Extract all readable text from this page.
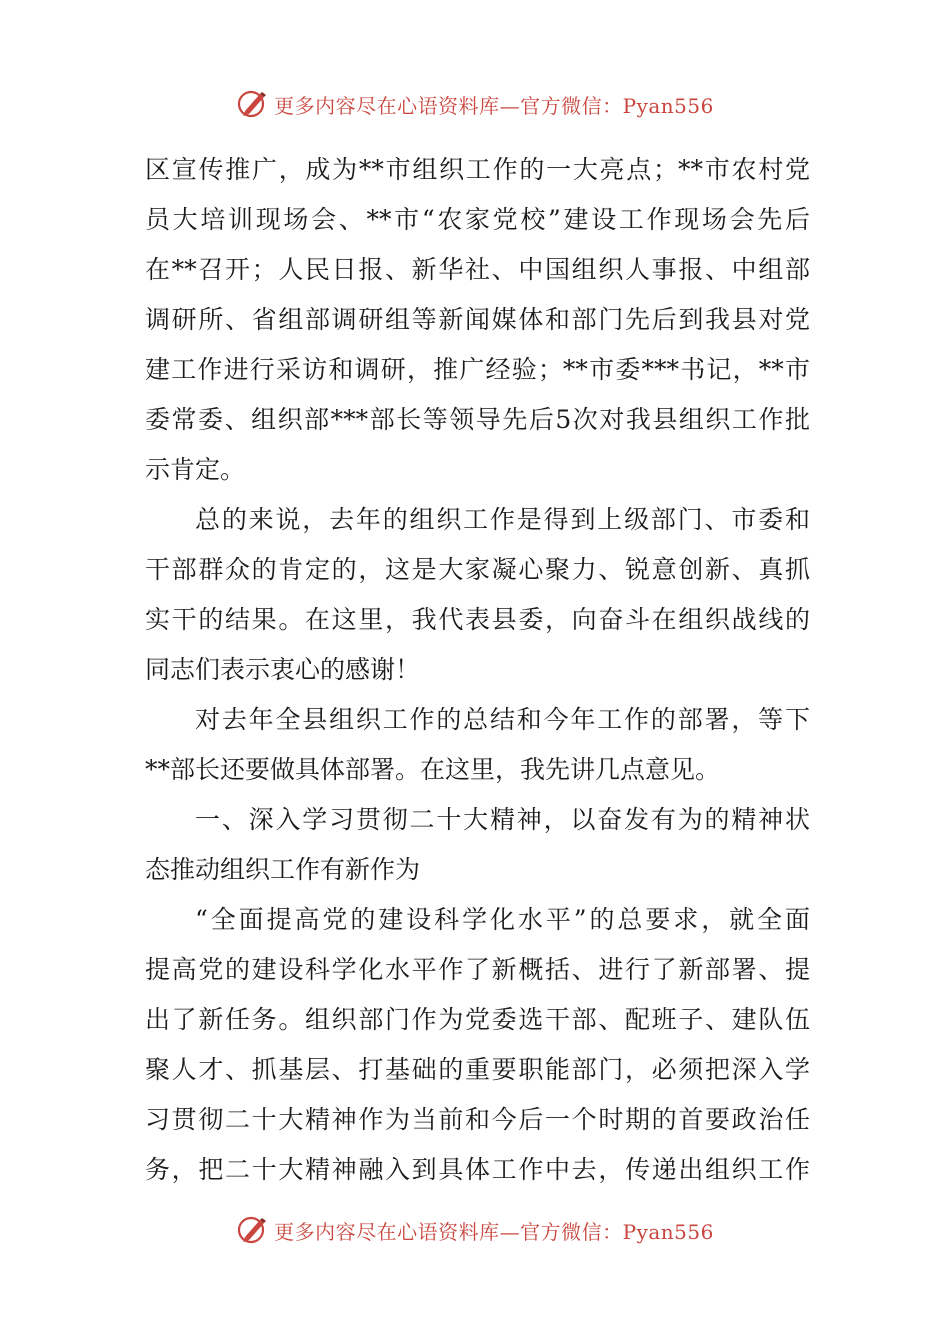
更多内容尽在心语资料库—官方微信：Pyan556
区宣传推广，成为**市组织工作的一大亮点；**市农村党
员大培训现场会、**市“农家党校”建设工作现场会先后
在**召开；人民日报、新华社、中国组织人事报、中组部
调研所、省组部调研组等新闻媒体和部门先后到我县对党
建工作进行采访和调研，推广经验；**市委***书记，**市
委常委、组织部***部长等领导先后5次对我县组织工作批
示肯定。
总的来说，去年的组织工作是得到上级部门、市委和
干部群众的肯定的，这是大家凝心聚力、锐意创新、真抓
实干的结果。在这里，我代表县委，向奋斗在组织战线的
同志们表示衷心的感谢！
对去年全县组织工作的总结和今年工作的部署，等下
**部长还要做具体部署。在这里，我先讲几点意见。
一、深入学习贯彻二十大精神，以奋发有为的精神状
态推动组织工作有新作为
“全面提高党的建设科学化水平”的总要求，就全面
提高党的建设科学化水平作了新概括、进行了新部署、提
出了新任务。组织部门作为党委选干部、配班子、建队伍
聚人才、抓基层、打基础的重要职能部门，必须把深入学
习贯彻二十大精神作为当前和今后一个时期的首要政治任
务，把二十大精神融入到具体工作中去，传递出组织工作
更多内容尽在心语资料库—官方微信：Pyan556
